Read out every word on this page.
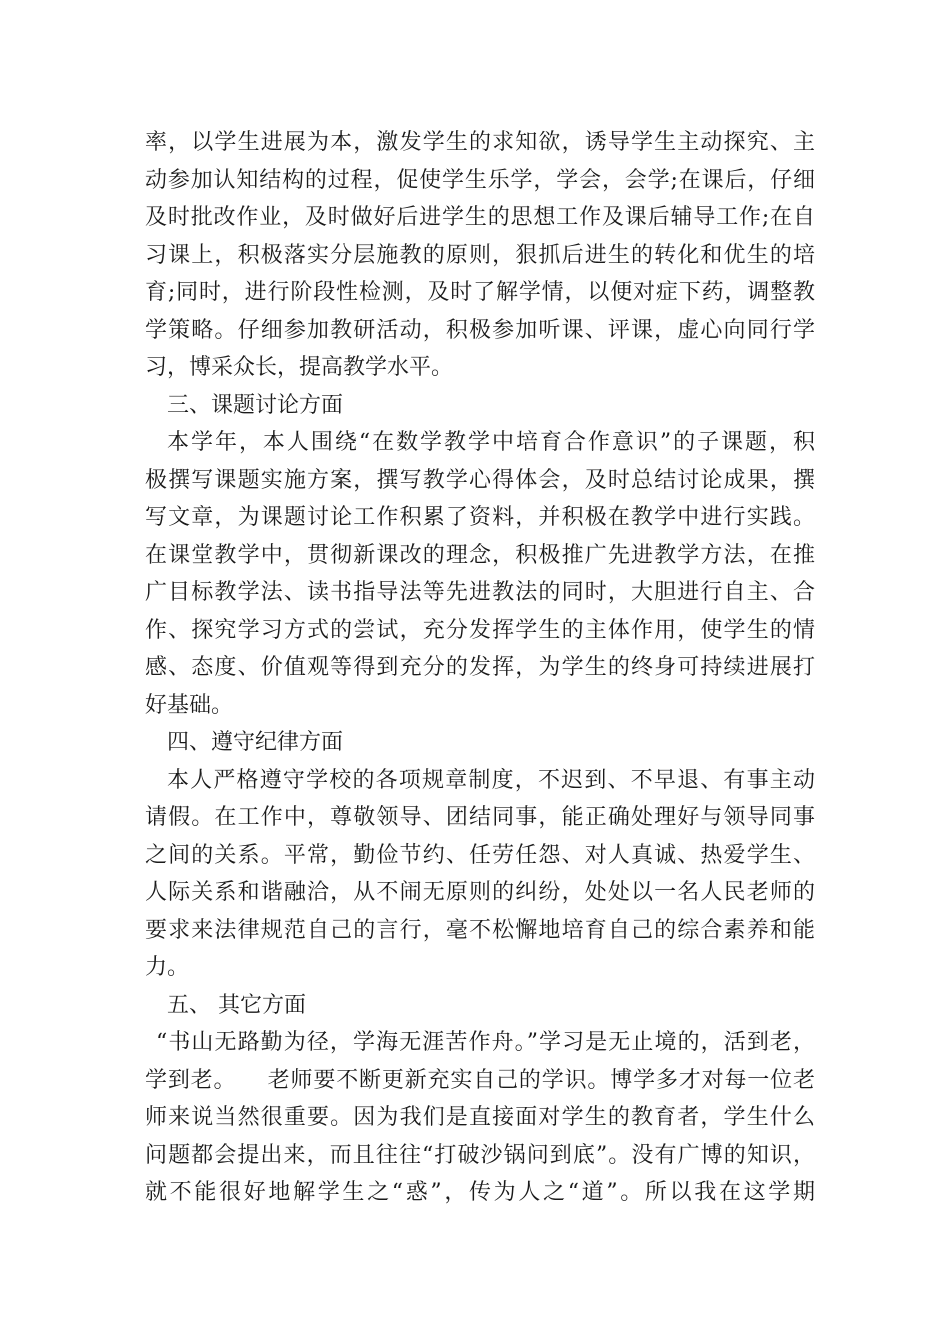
率，以学生进展为本，激发学生的求知欲，诱导学生主动探究、主
动参加认知结构的过程，促使学生乐学，学会，会学;在课后，仔细
及时批改作业，及时做好后进学生的思想工作及课后辅导工作;在自
习课上，积极落实分层施教的原则，狠抓后进生的转化和优生的培
育;同时，进行阶段性检测，及时了解学情，以便对症下药，调整教
学策略。仔细参加教研活动，积极参加听课、评课，虚心向同行学
习，博采众长，提高教学水平。
三、课题讨论方面
本学年，本人围绕“在数学教学中培育合作意识”的子课题，积
极撰写课题实施方案，撰写教学心得体会，及时总结讨论成果，撰
写文章，为课题讨论工作积累了资料，并积极在教学中进行实践。
在课堂教学中，贯彻新课改的理念，积极推广先进教学方法，在推
广目标教学法、读书指导法等先进教法的同时，大胆进行自主、合
作、探究学习方式的尝试，充分发挥学生的主体作用，使学生的情
感、态度、价值观等得到充分的发挥，为学生的终身可持续进展打
好基础。
四、遵守纪律方面
本人严格遵守学校的各项规章制度，不迟到、不早退、有事主动
请假。在工作中，尊敬领导、团结同事，能正确处理好与领导同事
之间的关系。平常，勤俭节约、任劳任怨、对人真诚、热爱学生、
人际关系和谐融洽，从不闹无原则的纠纷，处处以一名人民老师的
要求来法律规范自己的言行，毫不松懈地培育自己的综合素养和能
力。
五、 其它方面
“书山无路勤为径，学海无涯苦作舟。”学习是无止境的，活到老，
学到老。    老师要不断更新充实自己的学识。博学多才对每一位老
师来说当然很重要。因为我们是直接面对学生的教育者，学生什么
问题都会提出来，而且往往“打破沙锅问到底”。没有广博的知识，
就不能很好地解学生之“惑”，传为人之“道”。所以我在这学期
